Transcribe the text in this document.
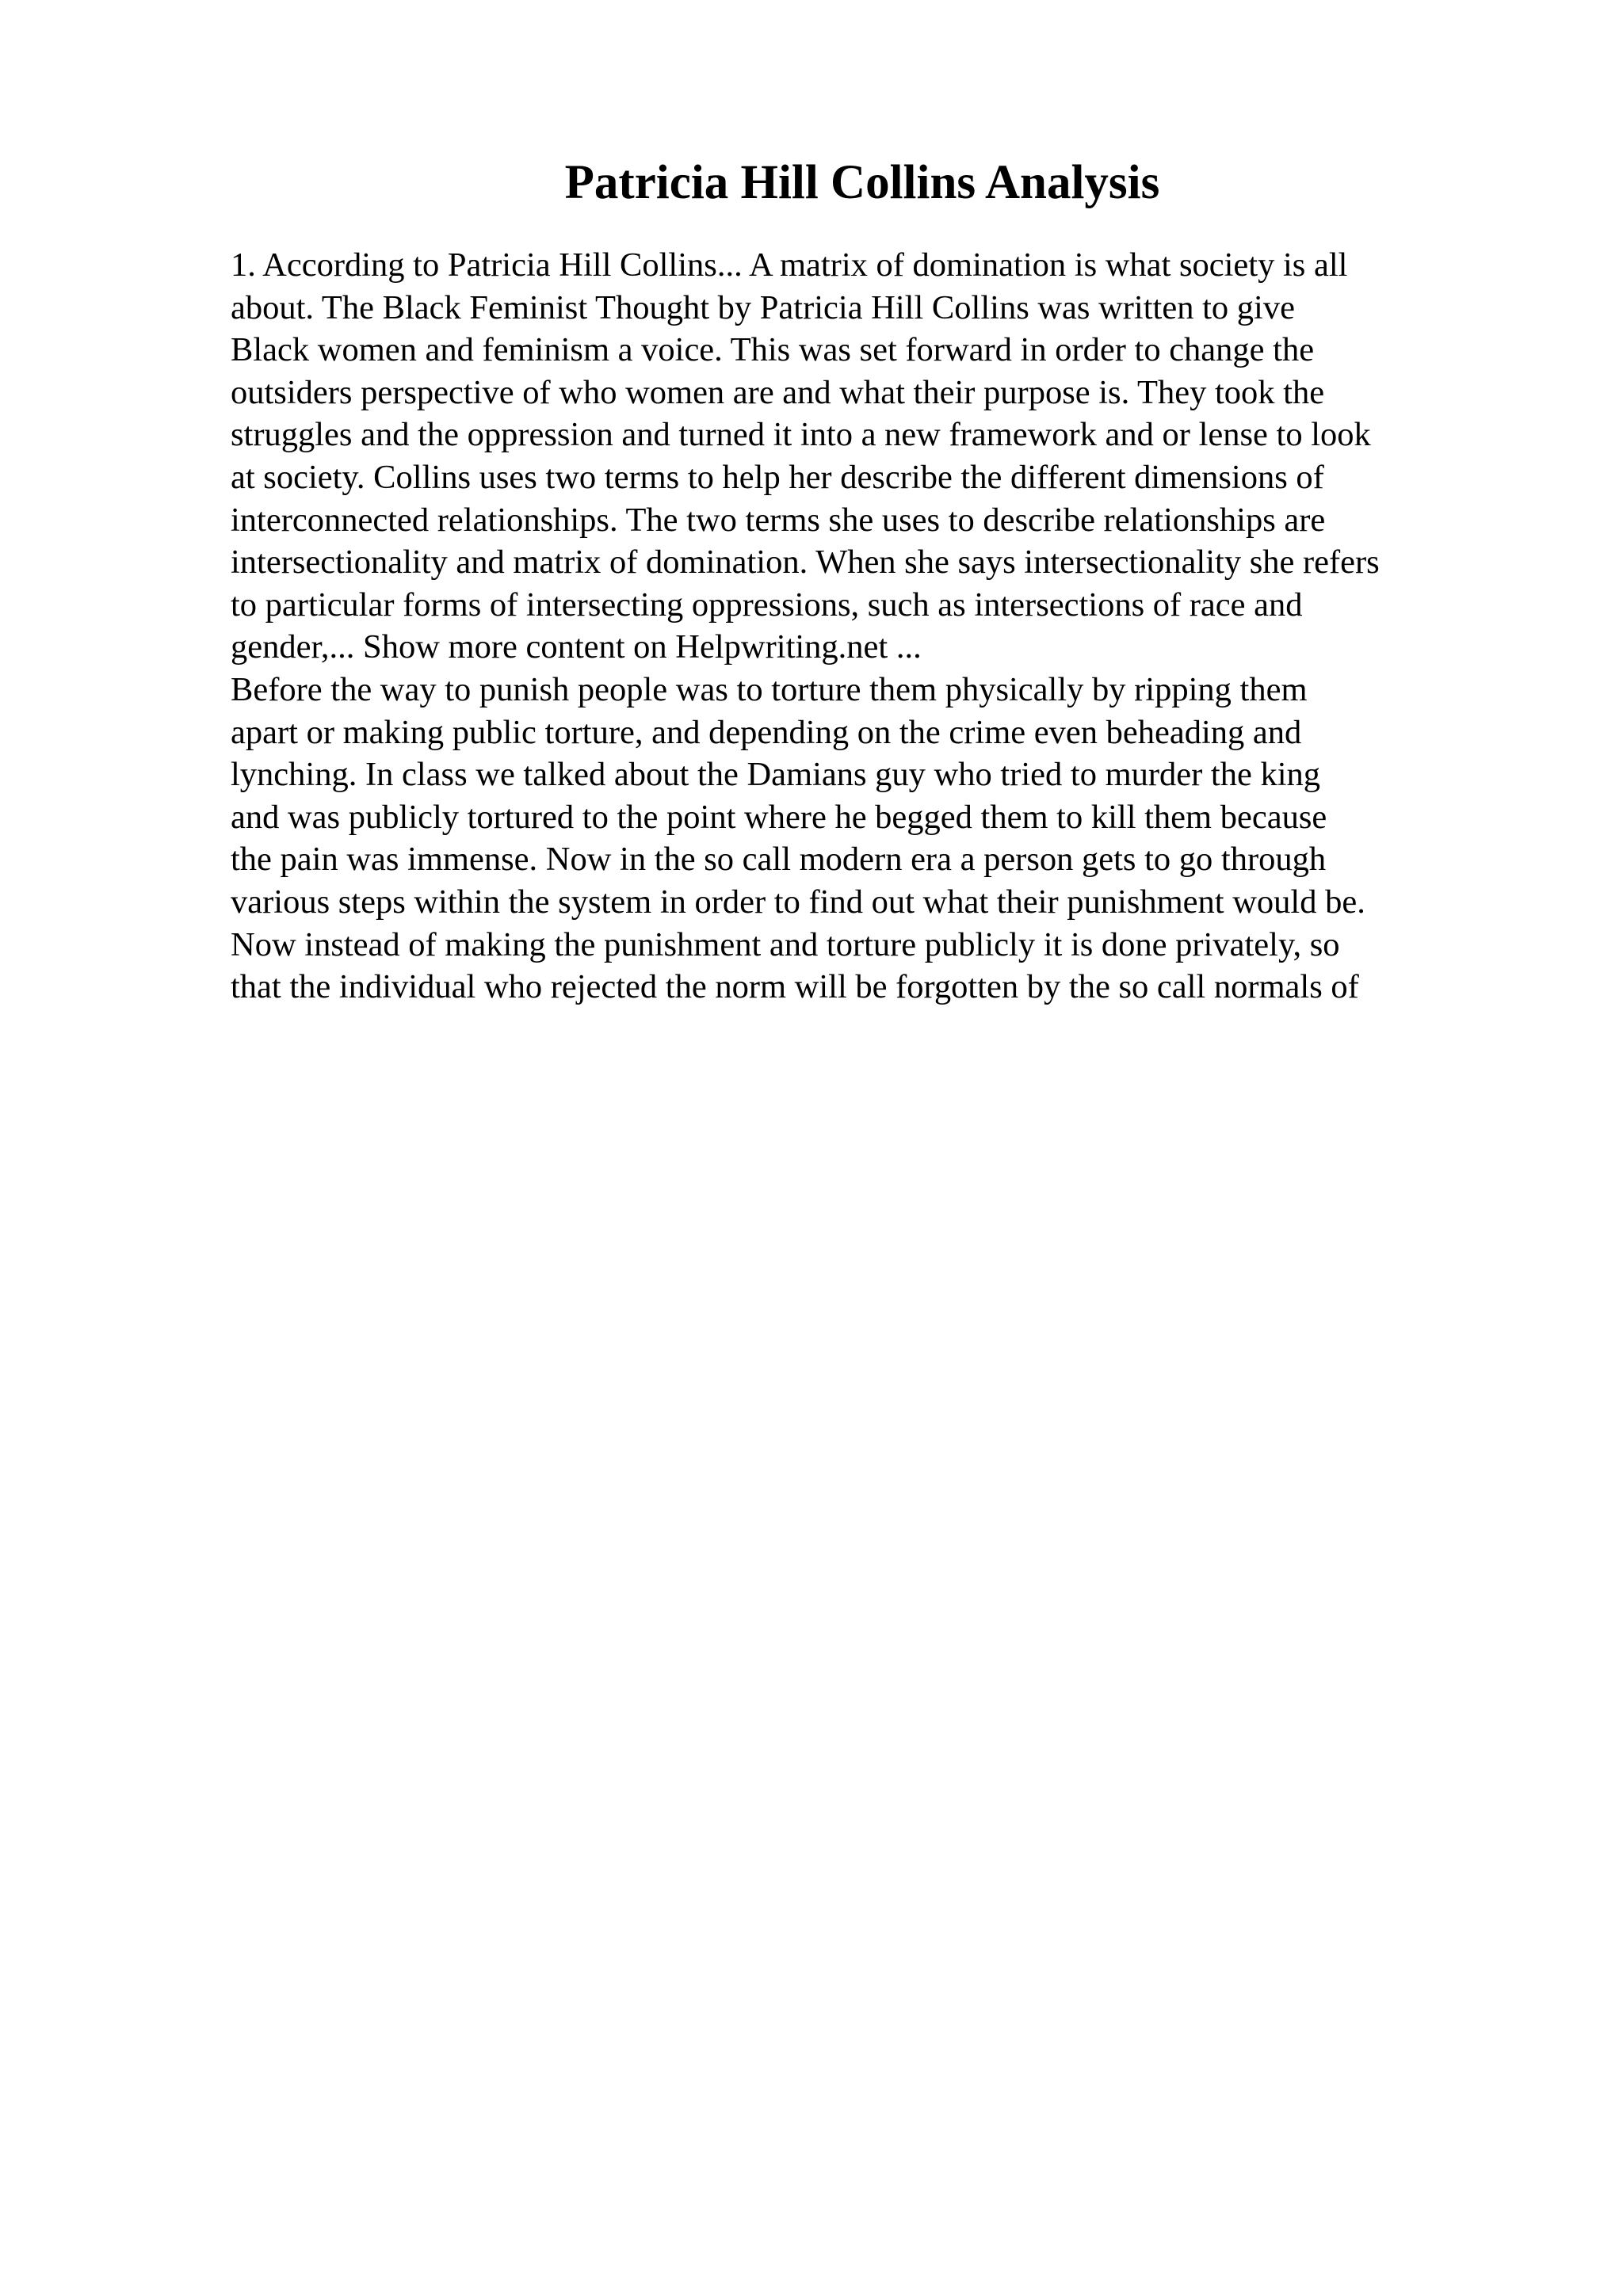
Patricia Hill Collins Analysis
1. According to Patricia Hill Collins... A matrix of domination is what society is all
about. The Black Feminist Thought by Patricia Hill Collins was written to give
Black women and feminism a voice. This was set forward in order to change the
outsiders perspective of who women are and what their purpose is. They took the
struggles and the oppression and turned it into a new framework and or lense to look
at society. Collins uses two terms to help her describe the different dimensions of
interconnected relationships. The two terms she uses to describe relationships are
intersectionality and matrix of domination. When she says intersectionality she refers
to particular forms of intersecting oppressions, such as intersections of race and
gender,... Show more content on Helpwriting.net ...
Before the way to punish people was to torture them physically by ripping them
apart or making public torture, and depending on the crime even beheading and
lynching. In class we talked about the Damians guy who tried to murder the king
and was publicly tortured to the point where he begged them to kill them because
the pain was immense. Now in the so call modern era a person gets to go through
various steps within the system in order to find out what their punishment would be.
Now instead of making the punishment and torture publicly it is done privately, so
that the individual who rejected the norm will be forgotten by the so call normals of
